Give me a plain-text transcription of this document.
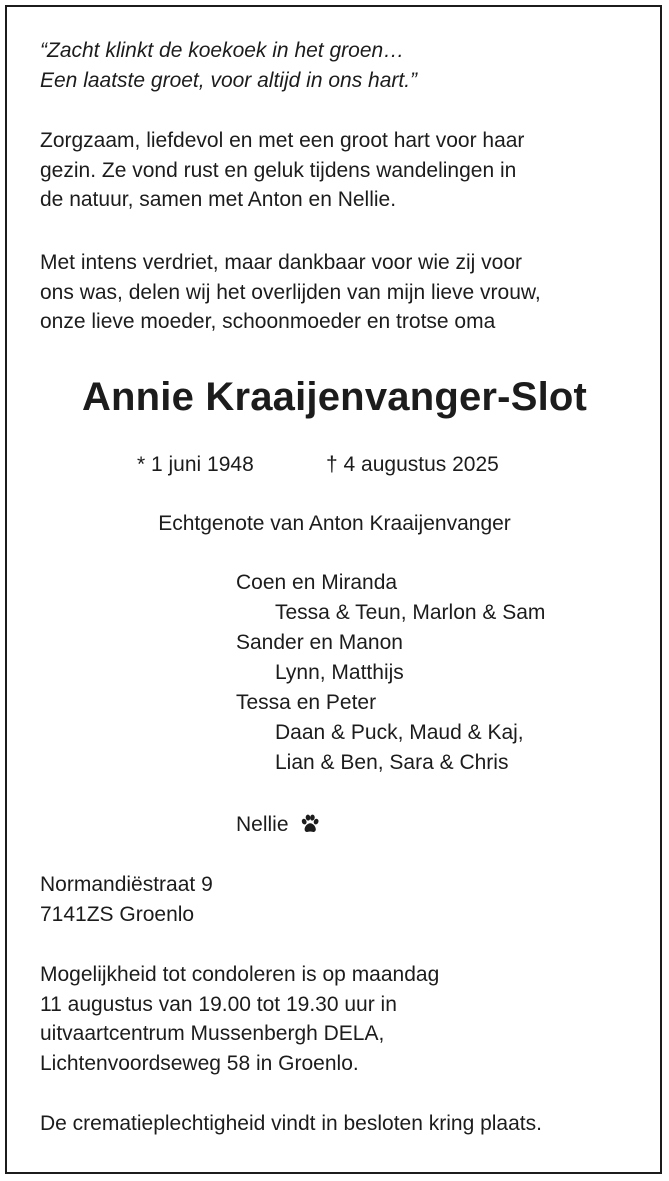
“Zacht klinkt de koekoek in het groen…
Een laatste groet, voor altijd in ons hart.”
Zorgzaam, liefdevol en met een groot hart voor haar
gezin. Ze vond rust en geluk tijdens wandelingen in
de natuur, samen met Anton en Nellie.
Met intens verdriet, maar dankbaar voor wie zij voor
ons was, delen wij het overlijden van mijn lieve vrouw,
onze lieve moeder, schoonmoeder en trotse oma
Annie Kraaijenvanger-Slot
* 1 juni 1948	† 4 augustus 2025
Echtgenote van Anton Kraaijenvanger
Coen en Miranda
Tessa & Teun, Marlon & Sam
Sander en Manon
Lynn, Matthijs
Tessa en Peter
Daan & Puck, Maud & Kaj,
Lian & Ben, Sara & Chris
Nellie
Normandiëstraat 9
7141ZS Groenlo
Mogelijkheid tot condoleren is op maandag
11 augustus van 19.00 tot 19.30 uur in
uitvaartcentrum Mussenbergh DELA,
Lichtenvoordseweg 58 in Groenlo.
De crematieplechtigheid vindt in besloten kring plaats.
